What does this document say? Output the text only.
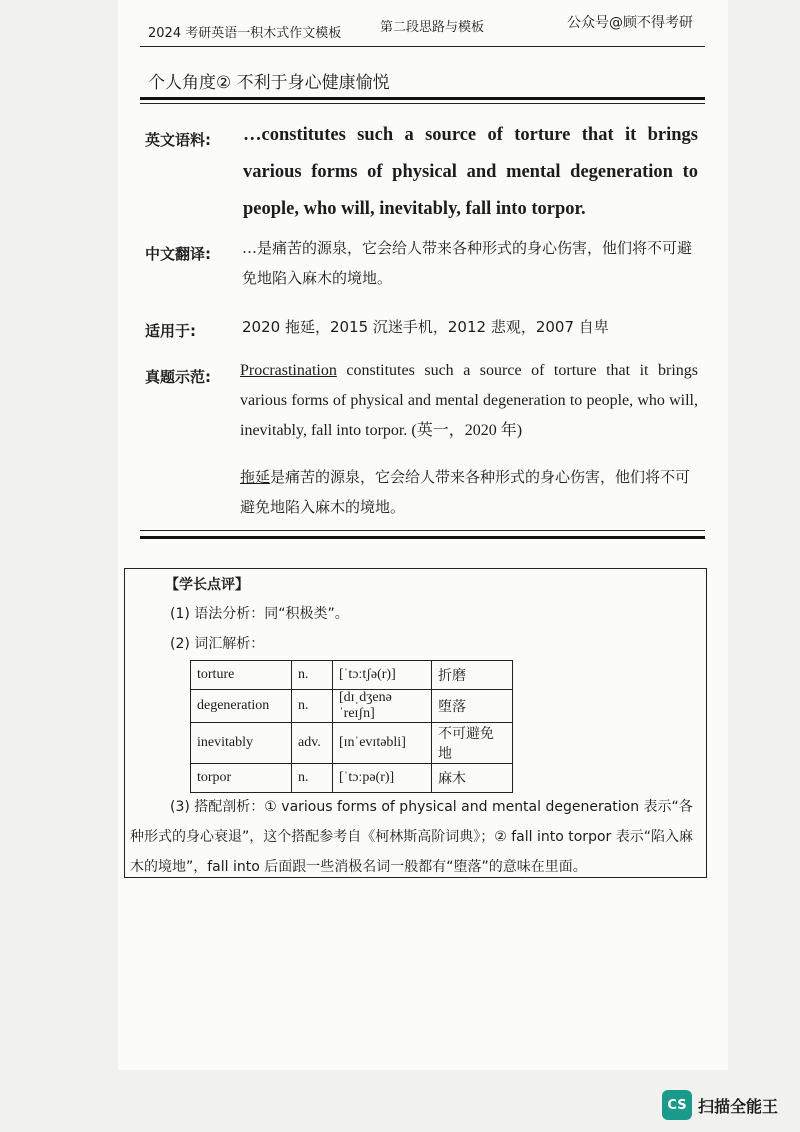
2024 考研英语一积木式作文模板	第二段思路与模板	公众号@顾不得考研
个人角度② 不利于身心健康愉悦
英文语料: …constitutes such a source of torture that it brings various forms of physical and mental degeneration to people, who will, inevitably, fall into torpor.
中文翻译: …是痛苦的源泉，它会给人带来各种形式的身心伤害，他们将不可避免地陷入麻木的境地。
适用于:	2020 拖延，2015 沉迷手机，2012 悲观，2007 自卑
真题示范: Procrastination constitutes such a source of torture that it brings various forms of physical and mental degeneration to people, who will, inevitably, fall into torpor. (英一，2020 年)
拖延是痛苦的源泉，它会给人带来各种形式的身心伤害，他们将不可避免地陷入麻木的境地。
【学长点评】
(1) 语法分析：同“积极类”。
(2) 词汇解析：
torture	n.	[ˈtɔːtʃə(r)]	折磨
degeneration	n.	[dɪˌdʒenəˈreɪʃn]	堕落
inevitably	adv.	[ɪnˈevɪtəbli]	不可避免地
torpor	n.	[ˈtɔːpə(r)]	麻木
(3) 搭配剖析：① various forms of physical and mental degeneration 表示“各种形式的身心衰退”，这个搭配参考自《柯林斯高阶词典》；② fall into torpor 表示“陷入麻木的境地”，fall into 后面跟一些消极名词一般都有“堕落”的意味在里面。
CS 扫描全能王
